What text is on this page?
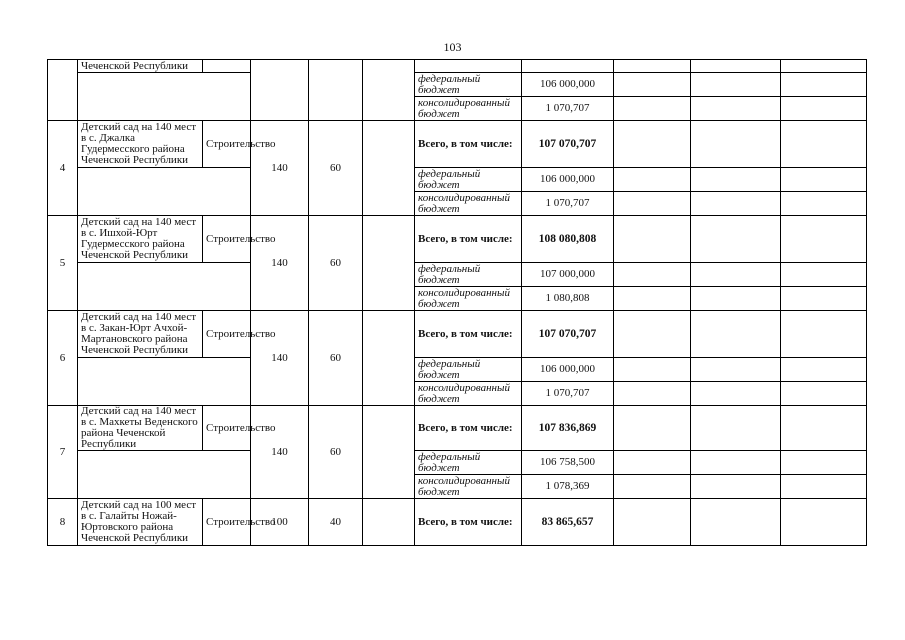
103
	Чеченской Республики									
						федеральный бюджет	106 000,000			
						консолидированный бюджет	1 070,707			
4	Детский сад на 140 мест в с. Джалка Гудермесского района Чеченской Республики	Строительство	140	60		Всего, в том числе:	107 070,707			
						федеральный бюджет	106 000,000			
						консолидированный бюджет	1 070,707			
5	Детский сад на 140 мест в с. Ишхой-Юрт Гудермесского района Чеченской Республики	Строительство	140	60		Всего, в том числе:	108 080,808			
						федеральный бюджет	107 000,000			
						консолидированный бюджет	1 080,808			
6	Детский сад на 140 мест в с. Закан-Юрт Ачхой-Мартановского района Чеченской Республики	Строительство	140	60		Всего, в том числе:	107 070,707			
						федеральный бюджет	106 000,000			
						консолидированный бюджет	1 070,707			
7	Детский сад на 140 мест в с. Махкеты Веденского района Чеченской Республики	Строительство	140	60		Всего, в том числе:	107 836,869			
						федеральный бюджет	106 758,500			
						консолидированный бюджет	1 078,369			
8	Детский сад на 100 мест в с. Галайты Ножай-Юртовского района Чеченской Республики	Строительство	100	40		Всего, в том числе:	83 865,657			
